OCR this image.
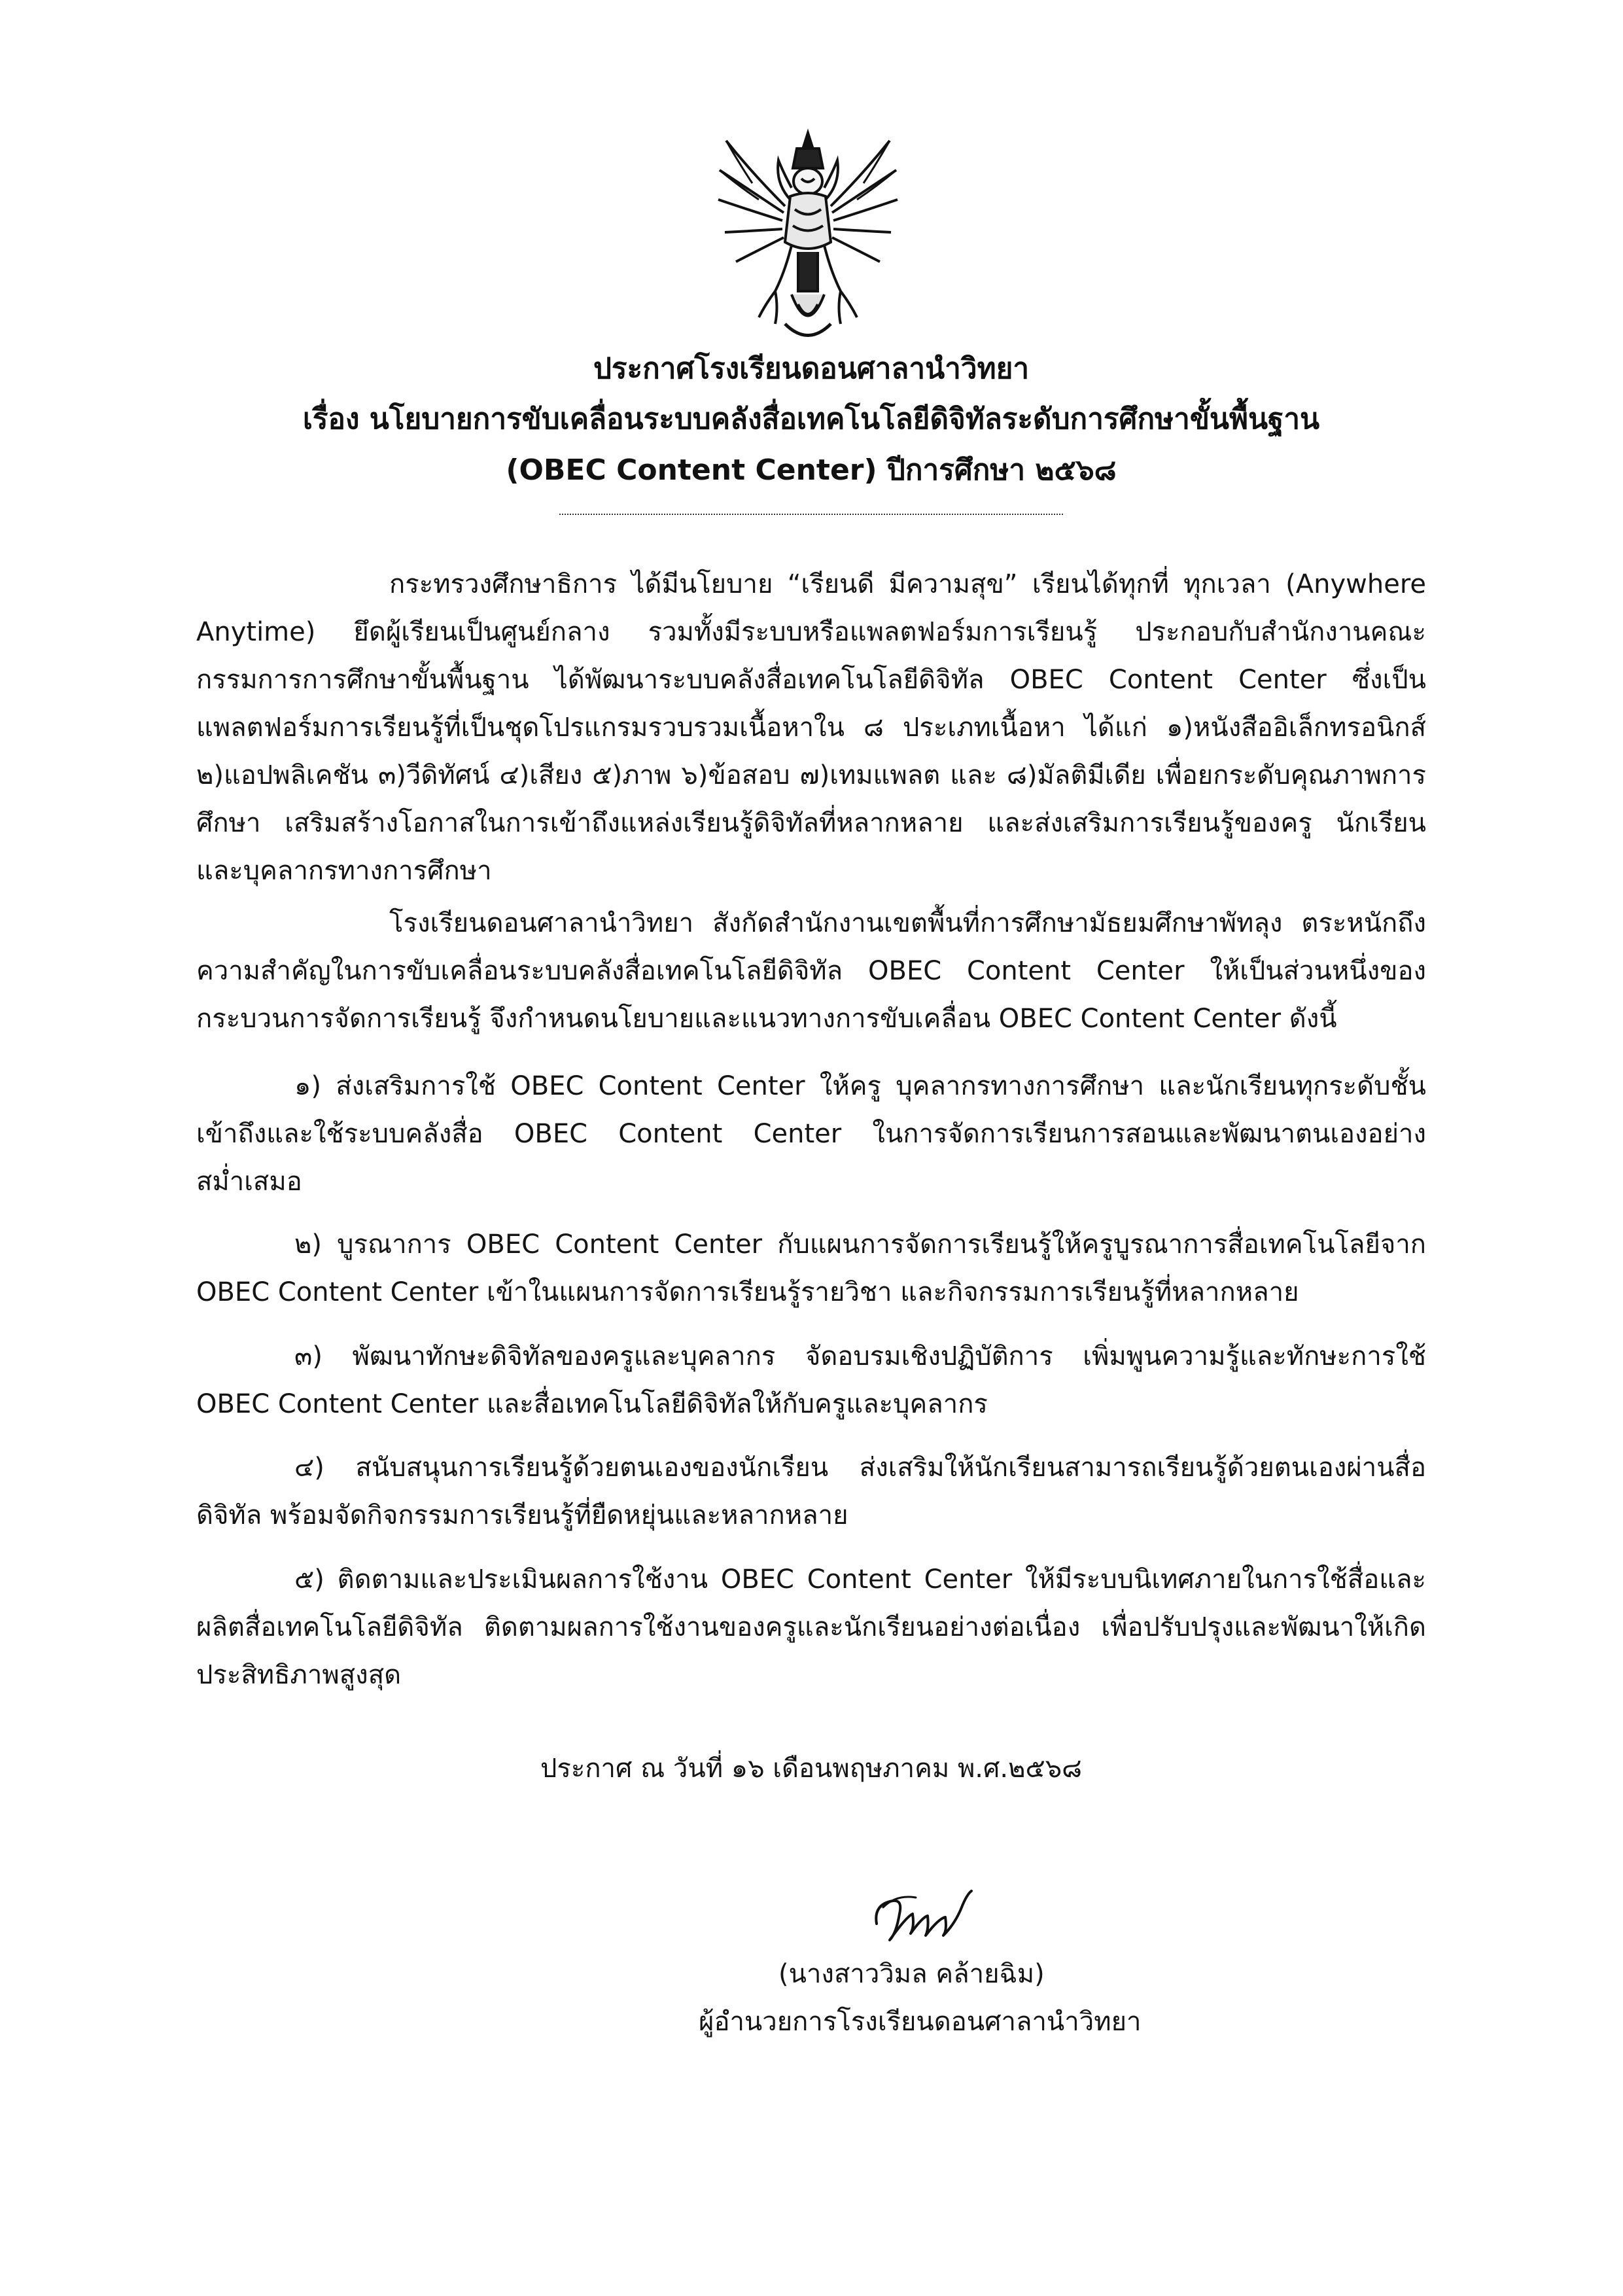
ประกาศโรงเรียนดอนศาลานำวิทยา
เรื่อง นโยบายการขับเคลื่อนระบบคลังสื่อเทคโนโลยีดิจิทัลระดับการศึกษาขั้นพื้นฐาน
(OBEC Content Center) ปีการศึกษา ๒๕๖๘

กระทรวงศึกษาธิการ ได้มีนโยบาย “เรียนดี มีความสุข” เรียนได้ทุกที่ ทุกเวลา (Anywhere Anytime) ยึดผู้เรียนเป็นศูนย์กลาง รวมทั้งมีระบบหรือแพลตฟอร์มการเรียนรู้ ประกอบกับสำนักงานคณะกรรมการการศึกษาขั้นพื้นฐาน ได้พัฒนาระบบคลังสื่อเทคโนโลยีดิจิทัล OBEC Content Center ซึ่งเป็นแพลตฟอร์มการเรียนรู้ที่เป็นชุดโปรแกรมรวบรวมเนื้อหาใน ๘ ประเภทเนื้อหา ได้แก่ ๑)หนังสืออิเล็กทรอนิกส์ ๒)แอปพลิเคชัน ๓)วีดิทัศน์ ๔)เสียง ๕)ภาพ ๖)ข้อสอบ ๗)เทมแพลต และ ๘)มัลติมีเดีย เพื่อยกระดับคุณภาพการศึกษา เสริมสร้างโอกาสในการเข้าถึงแหล่งเรียนรู้ดิจิทัลที่หลากหลาย และส่งเสริมการเรียนรู้ของครู นักเรียน และบุคลากรทางการศึกษา

โรงเรียนดอนศาลานำวิทยา สังกัดสำนักงานเขตพื้นที่การศึกษามัธยมศึกษาพัทลุง ตระหนักถึงความสำคัญในการขับเคลื่อนระบบคลังสื่อเทคโนโลยีดิจิทัล OBEC Content Center ให้เป็นส่วนหนึ่งของกระบวนการจัดการเรียนรู้ จึงกำหนดนโยบายและแนวทางการขับเคลื่อน OBEC Content Center ดังนี้

๑) ส่งเสริมการใช้ OBEC Content Center ให้ครู บุคลากรทางการศึกษา และนักเรียนทุกระดับชั้น เข้าถึงและใช้ระบบคลังสื่อ OBEC Content Center ในการจัดการเรียนการสอนและพัฒนาตนเองอย่างสม่ำเสมอ

๒) บูรณาการ OBEC Content Center กับแผนการจัดการเรียนรู้ให้ครูบูรณาการสื่อเทคโนโลยีจาก OBEC Content Center เข้าในแผนการจัดการเรียนรู้รายวิชา และกิจกรรมการเรียนรู้ที่หลากหลาย

๓) พัฒนาทักษะดิจิทัลของครูและบุคลากร จัดอบรมเชิงปฏิบัติการ เพิ่มพูนความรู้และทักษะการใช้ OBEC Content Center และสื่อเทคโนโลยีดิจิทัลให้กับครูและบุคลากร

๔) สนับสนุนการเรียนรู้ด้วยตนเองของนักเรียน ส่งเสริมให้นักเรียนสามารถเรียนรู้ด้วยตนเองผ่านสื่อดิจิทัล พร้อมจัดกิจกรรมการเรียนรู้ที่ยืดหยุ่นและหลากหลาย

๕) ติดตามและประเมินผลการใช้งาน OBEC Content Center ให้มีระบบนิเทศภายในการใช้สื่อและผลิตสื่อเทคโนโลยีดิจิทัล ติดตามผลการใช้งานของครูและนักเรียนอย่างต่อเนื่อง เพื่อปรับปรุงและพัฒนาให้เกิดประสิทธิภาพสูงสุด

ประกาศ ณ วันที่ ๑๖ เดือนพฤษภาคม พ.ศ.๒๕๖๘
(นางสาววิมล คล้ายฉิม)
ผู้อำนวยการโรงเรียนดอนศาลานำวิทยา
